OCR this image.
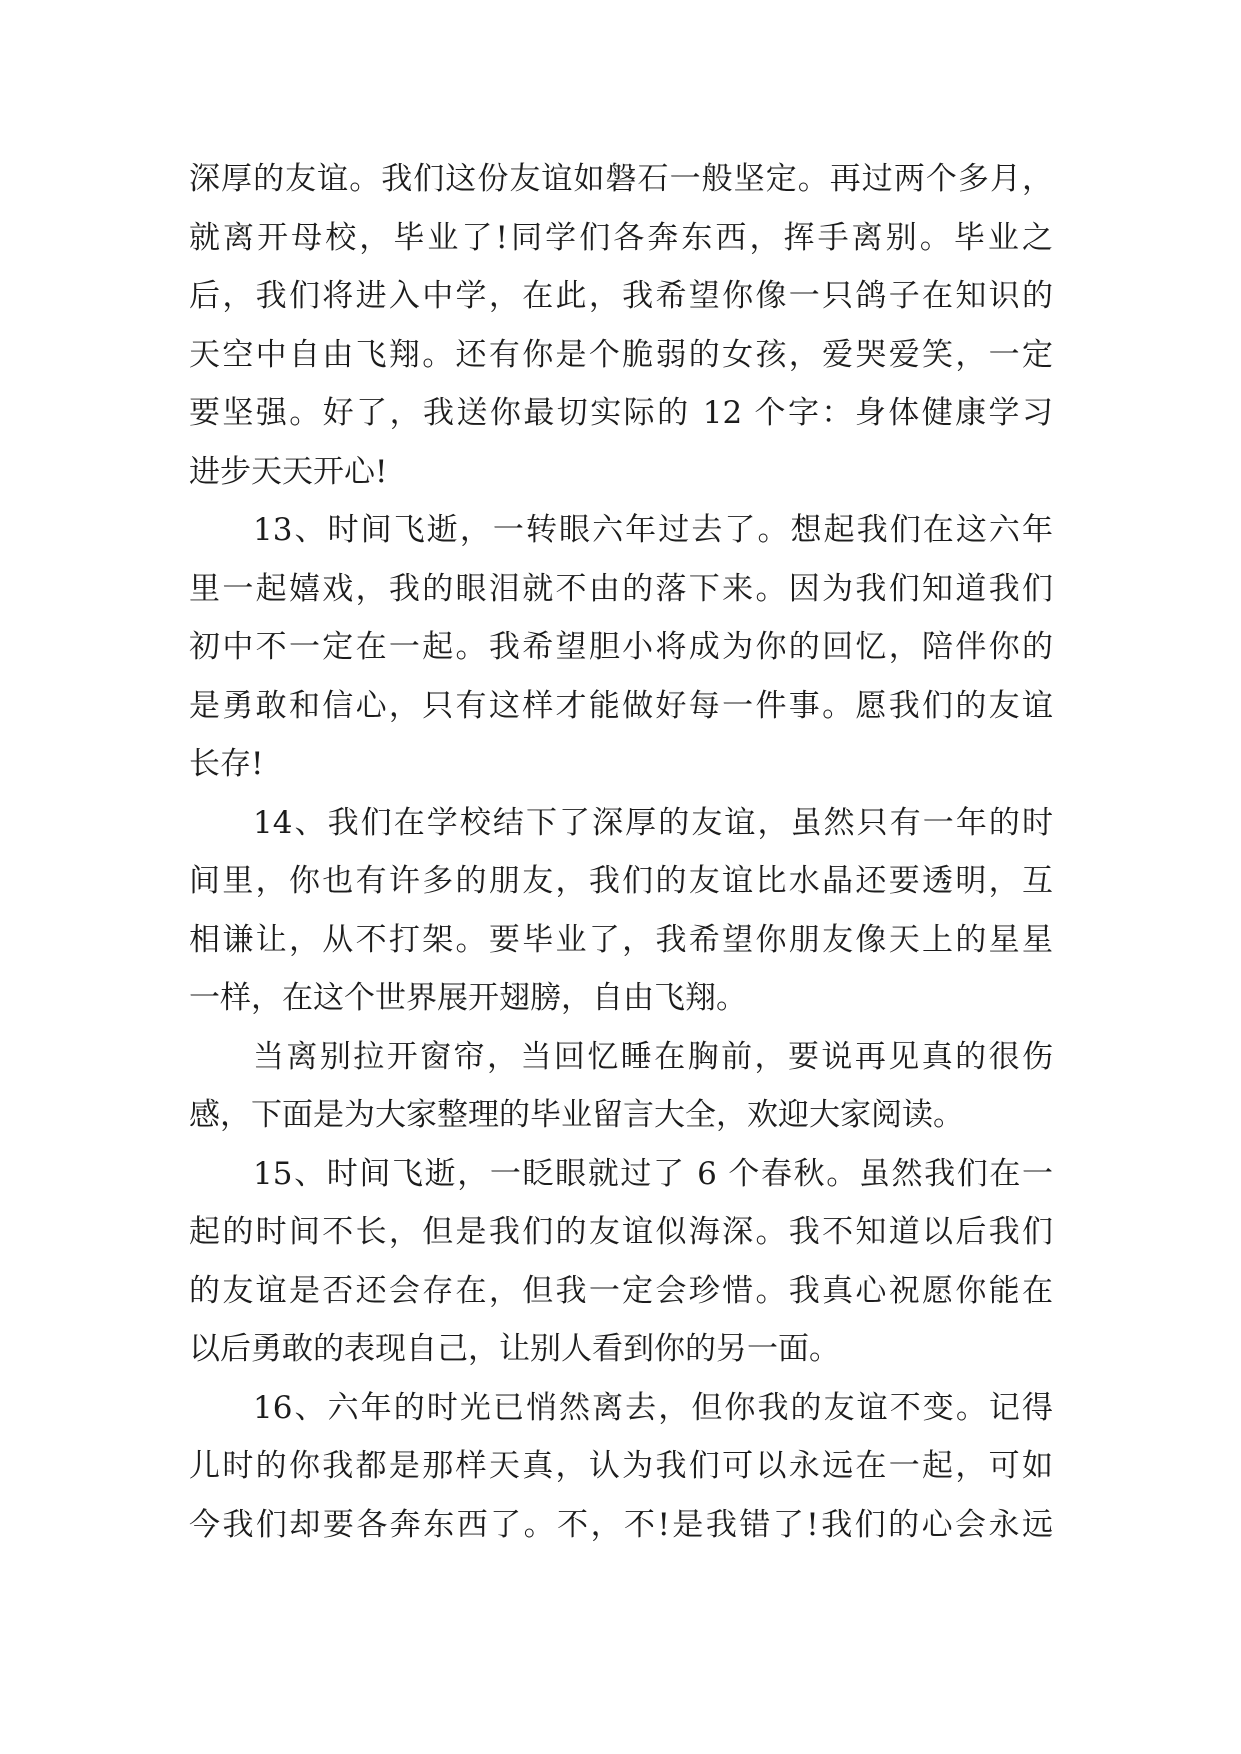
深厚的友谊。我们这份友谊如磐石一般坚定。再过两个多月，
就离开母校，毕业了!同学们各奔东西，挥手离别。毕业之
后，我们将进入中学，在此，我希望你像一只鸽子在知识的
天空中自由飞翔。还有你是个脆弱的女孩，爱哭爱笑，一定
要坚强。好了，我送你最切实际的 12 个字：身体健康学习
进步天天开心!
13、时间飞逝，一转眼六年过去了。想起我们在这六年
里一起嬉戏，我的眼泪就不由的落下来。因为我们知道我们
初中不一定在一起。我希望胆小将成为你的回忆，陪伴你的
是勇敢和信心，只有这样才能做好每一件事。愿我们的友谊
长存!
14、我们在学校结下了深厚的友谊，虽然只有一年的时
间里，你也有许多的朋友，我们的友谊比水晶还要透明，互
相谦让，从不打架。要毕业了，我希望你朋友像天上的星星
一样，在这个世界展开翅膀，自由飞翔。
当离别拉开窗帘，当回忆睡在胸前，要说再见真的很伤
感，下面是为大家整理的毕业留言大全，欢迎大家阅读。
15、时间飞逝，一眨眼就过了 6 个春秋。虽然我们在一
起的时间不长，但是我们的友谊似海深。我不知道以后我们
的友谊是否还会存在，但我一定会珍惜。我真心祝愿你能在
以后勇敢的表现自己，让别人看到你的另一面。
16、六年的时光已悄然离去，但你我的友谊不变。记得
儿时的你我都是那样天真，认为我们可以永远在一起，可如
今我们却要各奔东西了。不，不!是我错了!我们的心会永远
